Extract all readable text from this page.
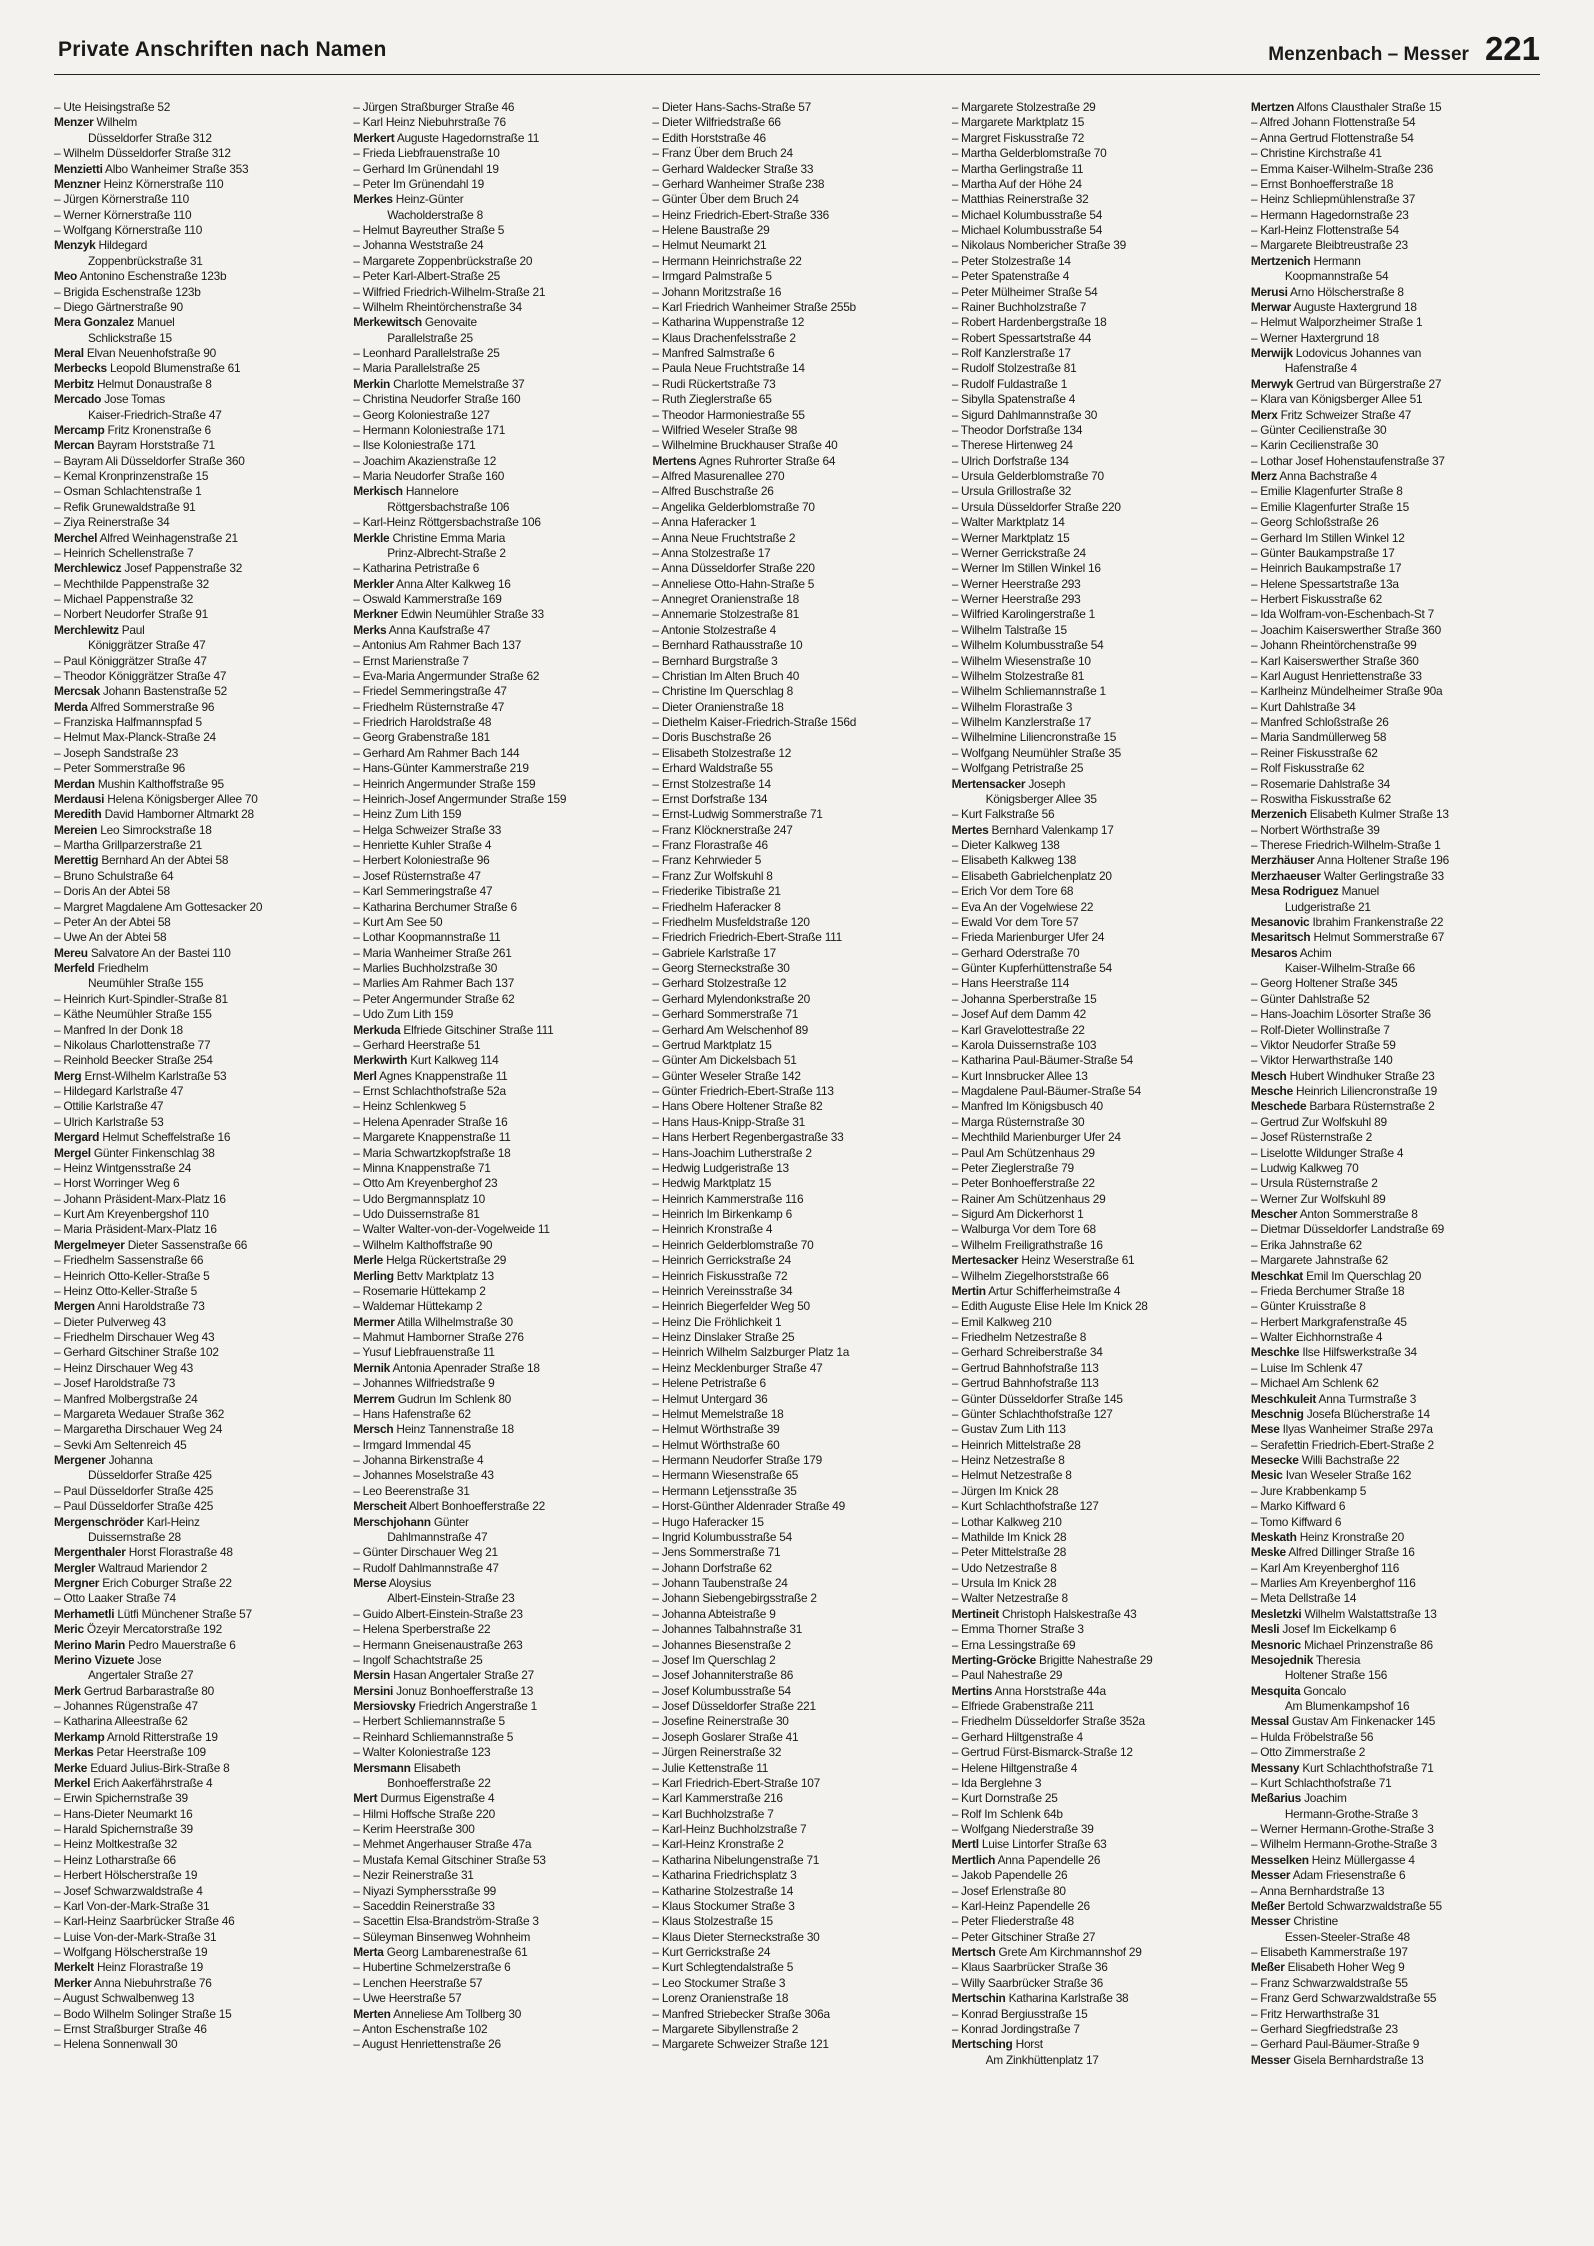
Private Anschriften nach Namen	Menzenbach – Messer 221
– Ute Heisingstraße 52
Menzer Wilhelm
Düsseldorfer Straße 312
– Wilhelm Düsseldorfer Straße 312
Menzietti Albo Wanheimer Straße 353
Menzner Heinz Körnerstraße 110
– Jürgen Körnerstraße 110
– Werner Körnerstraße 110
– Wolfgang Körnerstraße 110
Menzyk Hildegard
Zoppenbrückstraße 31
Meo Antonino Eschenstraße 123b
– Brigida Eschenstraße 123b
– Diego Gärtnerstraße 90
Mera Gonzalez Manuel
Schlickstraße 15
Meral Elvan Neuenhofstraße 90
Merbecks Leopold Blumenstraße 61
Merbitz Helmut Donaustraße 8
Mercado Jose Tomas
Kaiser-Friedrich-Straße 47
Mercamp Fritz Kronenstraße 6
Mercan Bayram Horststraße 71
– Bayram Ali Düsseldorfer Straße 360
– Kemal Kronprinzenstraße 15
– Osman Schlachtenstraße 1
– Refik Grunewaldstraße 91
– Ziya Reinerstraße 34
Merchel Alfred Weinhagenstraße 21
– Heinrich Schellenstraße 7
Merchlewicz Josef Pappenstraße 32
– Mechthilde Pappenstraße 32
– Michael Pappenstraße 32
– Norbert Neudorfer Straße 91
Merchlewitz Paul
Königgrätzer Straße 47
– Paul Königgrätzer Straße 47
– Theodor Königgrätzer Straße 47
Mercsak Johann Bastenstraße 52
Merda Alfred Sommerstraße 96
– Franziska Halfmannspfad 5
– Helmut Max-Planck-Straße 24
– Joseph Sandstraße 23
– Peter Sommerstraße 96
Merdan Mushin Kalthoffstraße 95
Merdausi Helena Königsberger Allee 70
Meredith David Hamborner Altmarkt 28
Mereien Leo Simrockstraße 18
– Martha Grillparzerstraße 21
Merettig Bernhard An der Abtei 58
– Bruno Schulstraße 64
– Doris An der Abtei 58
– Margret Magdalene Am Gottesacker 20
– Peter An der Abtei 58
– Uwe An der Abtei 58
Mereu Salvatore An der Bastei 110
Merfeld Friedhelm
Neumühler Straße 155
– Heinrich Kurt-Spindler-Straße 81
– Käthe Neumühler Straße 155
– Manfred In der Donk 18
– Nikolaus Charlottenstraße 77
– Reinhold Beecker Straße 254
Merg Ernst-Wilhelm Karlstraße 53
– Hildegard Karlstraße 47
– Ottilie Karlstraße 47
– Ulrich Karlstraße 53
Mergard Helmut Scheffelstraße 16
Mergel Günter Finkenschlag 38
– Heinz Wintgensstraße 24
– Horst Worringer Weg 6
– Johann Präsident-Marx-Platz 16
– Kurt Am Kreyenbergshof 110
– Maria Präsident-Marx-Platz 16
Mergelmeyer Dieter Sassenstraße 66
– Friedhelm Sassenstraße 66
– Heinrich Otto-Keller-Straße 5
– Heinz Otto-Keller-Straße 5
Mergen Anni Haroldstraße 73
– Dieter Pulverweg 43
– Friedhelm Dirschauer Weg 43
– Gerhard Gitschiner Straße 102
– Heinz Dirschauer Weg 43
– Josef Haroldstraße 73
– Manfred Molbergstraße 24
– Margareta Wedauer Straße 362
– Margaretha Dirschauer Weg 24
– Sevki Am Seltenreich 45
Mergener Johanna
Düsseldorfer Straße 425
– Paul Düsseldorfer Straße 425
– Paul Düsseldorfer Straße 425
Mergenschröder Karl-Heinz
Duissernstraße 28
Mergenthaler Horst Florastraße 48
Mergler Waltraud Mariendor 2
Mergner Erich Coburger Straße 22
– Otto Laaker Straße 74
Merhametli Lütfi Münchener Straße 57
Meric Özeyir Mercatorstraße 192
Merino Marin Pedro Mauerstraße 6
Merino Vizuete Jose
Angertaler Straße 27
Merk Gertrud Barbarastraße 80
– Johannes Rügenstraße 47
– Katharina Alleestraße 62
Merkamp Arnold Ritterstraße 19
Merkas Petar Heerstraße 109
Merke Eduard Julius-Birk-Straße 8
Merkel Erich Aakerfährstraße 4
– Erwin Spichernstraße 39
– Hans-Dieter Neumarkt 16
– Harald Spichernstraße 39
– Heinz Moltkestraße 32
– Heinz Lotharstraße 66
– Herbert Hölscherstraße 19
– Josef Schwarzwaldstraße 4
– Karl Von-der-Mark-Straße 31
– Karl-Heinz Saarbrücker Straße 46
– Luise Von-der-Mark-Straße 31
– Wolfgang Hölscherstraße 19
Merkelt Heinz Florastraße 19
Merker Anna Niebuhrstraße 76
– August Schwalbenweg 13
– Bodo Wilhelm Solinger Straße 15
– Ernst Straßburger Straße 46
– Helena Sonnenwall 30
– Jürgen Straßburger Straße 46
– Karl Heinz Niebuhrstraße 76
Merkert Auguste Hagedornstraße 11
– Frieda Liebfrauenstraße 10
– Gerhard Im Grünendahl 19
– Peter Im Grünendahl 19
Merkes Heinz-Günter
Wacholderstraße 8
– Helmut Bayreuther Straße 5
– Johanna Weststraße 24
– Margarete Zoppenbrückstraße 20
– Peter Karl-Albert-Straße 25
– Wilfried Friedrich-Wilhelm-Straße 21
– Wilhelm Rheintörchenstraße 34
Merkewitsch Genovaite
Parallelstraße 25
– Leonhard Parallelstraße 25
– Maria Parallelstraße 25
Merkin Charlotte Memelstraße 37
– Christina Neudorfer Straße 160
– Georg Koloniestraße 127
– Hermann Koloniestraße 171
– Ilse Koloniestraße 171
– Joachim Akazienstraße 12
– Maria Neudorfer Straße 160
Merkisch Hannelore
Röttgersbachstraße 106
– Karl-Heinz Röttgersbachstraße 106
Merkle Christine Emma Maria
Prinz-Albrecht-Straße 2
– Katharina Petristraße 6
Merkler Anna Alter Kalkweg 16
– Oswald Kammerstraße 169
Merkner Edwin Neumühler Straße 33
Merks Anna Kaufstraße 47
– Antonius Am Rahmer Bach 137
– Ernst Marienstraße 7
– Eva-Maria Angermunder Straße 62
– Friedel Semmeringstraße 47
– Friedhelm Rüsternstraße 47
– Friedrich Haroldstraße 48
– Georg Grabenstraße 181
– Gerhard Am Rahmer Bach 144
– Hans-Günter Kammerstraße 219
– Heinrich Angermunder Straße 159
– Heinrich-Josef Angermunder Straße 159
– Heinz Zum Lith 159
– Helga Schweizer Straße 33
– Henriette Kuhler Straße 4
– Herbert Koloniestraße 96
– Josef Rüsternstraße 47
– Karl Semmeringstraße 47
– Katharina Berchumer Straße 6
– Kurt Am See 50
– Lothar Koopmannstraße 11
– Maria Wanheimer Straße 261
– Marlies Buchholzstraße 30
– Marlies Am Rahmer Bach 137
– Peter Angermunder Straße 62
– Udo Zum Lith 159
Merkuda Elfriede Gitschiner Straße 111
– Gerhard Heerstraße 51
Merkwirth Kurt Kalkweg 114
Merl Agnes Knappenstraße 11
– Ernst Schlachthofstraße 52a
– Heinz Schlenkweg 5
– Helena Apenrader Straße 16
– Margarete Knappenstraße 11
– Maria Schwartzkopfstraße 18
– Minna Knappenstraße 71
– Otto Am Kreyenberghof 23
– Udo Bergmannsplatz 10
– Udo Duissernstraße 81
– Walter Walter-von-der-Vogelweide 11
– Wilhelm Kalthoffstraße 90
Merle Helga Rückertstraße 29
Merling Bettv Marktplatz 13
– Rosemarie Hüttekamp 2
– Waldemar Hüttekamp 2
Mermer Atilla Wilhelmstraße 30
– Mahmut Hamborner Straße 276
– Yusuf Liebfrauenstraße 11
Mernik Antonia Apenrader Straße 18
– Johannes Wilfriedstraße 9
Merrem Gudrun Im Schlenk 80
– Hans Hafenstraße 62
Mersch Heinz Tannenstraße 18
– Irmgard Immendal 45
– Johanna Birkenstraße 4
– Johannes Moselstraße 43
– Leo Beerenstraße 31
Merscheit Albert Bonhoefferstraße 22
Merschjohann Günter
Dahlmannstraße 47
– Günter Dirschauer Weg 21
– Rudolf Dahlmannstraße 47
Merse Aloysius
Albert-Einstein-Straße 23
– Guido Albert-Einstein-Straße 23
– Helena Sperberstraße 22
– Hermann Gneisenaustraße 263
– Ingolf Schachtstraße 25
Mersin Hasan Angertaler Straße 27
Mersini Jonuz Bonhoefferstraße 13
Mersiovsky Friedrich Angerstraße 1
– Herbert Schliemannstraße 5
– Reinhard Schliemannstraße 5
– Walter Koloniestraße 123
Mersmann Elisabeth
Bonhoefferstraße 22
Mert Durmus Eigenstraße 4
– Hilmi Hoffsche Straße 220
– Kerim Heerstraße 300
– Mehmet Angerhauser Straße 47a
– Mustafa Kemal Gitschiner Straße 53
– Nezir Reinerstraße 31
– Niyazi Symphersstraße 99
– Saceddin Reinerstraße 33
– Sacettin Elsa-Brandström-Straße 3
– Süleyman Binsenweg Wohnheim
Merta Georg Lambarenestraße 61
– Hubertine Schmelzerstraße 6
– Lenchen Heerstraße 57
– Uwe Heerstraße 57
Merten Anneliese Am Tollberg 30
– Anton Eschenstraße 102
– August Henriettenstraße 26
– Dieter Hans-Sachs-Straße 57
– Dieter Wilfriedstraße 66
– Edith Horststraße 46
– Franz Über dem Bruch 24
– Gerhard Waldecker Straße 33
– Gerhard Wanheimer Straße 238
– Günter Über dem Bruch 24
– Heinz Friedrich-Ebert-Straße 336
– Helene Baustraße 29
– Helmut Neumarkt 21
– Hermann Heinrichstraße 22
– Irmgard Palmstraße 5
– Johann Moritzstraße 16
– Karl Friedrich Wanheimer Straße 255b
– Katharina Wuppenstraße 12
– Klaus Drachenfelsstraße 2
– Manfred Salmstraße 6
– Paula Neue Fruchtstraße 14
– Rudi Rückertstraße 73
– Ruth Zieglerstraße 65
– Theodor Harmoniestraße 55
– Wilfried Weseler Straße 98
– Wilhelmine Bruckhauser Straße 40
Mertens Agnes Ruhrorter Straße 64
– Alfred Masurenallee 270
– Alfred Buschstraße 26
– Angelika Gelderblomstraße 70
– Anna Haferacker 1
– Anna Neue Fruchtstraße 2
– Anna Stolzestraße 17
– Anna Düsseldorfer Straße 220
– Anneliese Otto-Hahn-Straße 5
– Annegret Oranienstraße 18
– Annemarie Stolzestraße 81
– Antonie Stolzestraße 4
– Bernhard Rathausstraße 10
– Bernhard Burgstraße 3
– Christian Im Alten Bruch 40
– Christine Im Querschlag 8
– Dieter Oranienstraße 18
– Diethelm Kaiser-Friedrich-Straße 156d
– Doris Buschstraße 26
– Elisabeth Stolzestraße 12
– Erhard Waldstraße 55
– Ernst Stolzestraße 14
– Ernst Dorfstraße 134
– Ernst-Ludwig Sommerstraße 71
– Franz Klöcknerstraße 247
– Franz Florastraße 46
– Franz Kehrwieder 5
– Franz Zur Wolfskuhl 8
– Friederike Tibistraße 21
– Friedhelm Haferacker 8
– Friedhelm Musfeldstraße 120
– Friedrich Friedrich-Ebert-Straße 111
– Gabriele Karlstraße 17
– Georg Sterneckstraße 30
– Gerhard Stolzestraße 12
– Gerhard Mylendonkstraße 20
– Gerhard Sommerstraße 71
– Gerhard Am Welschenhof 89
– Gertrud Marktplatz 15
– Günter Am Dickelsbach 51
– Günter Weseler Straße 142
– Günter Friedrich-Ebert-Straße 113
– Hans Obere Holtener Straße 82
– Hans Haus-Knipp-Straße 31
– Hans Herbert Regenbergastraße 33
– Hans-Joachim Lutherstraße 2
– Hedwig Ludgeristraße 13
– Hedwig Marktplatz 15
– Heinrich Kammerstraße 116
– Heinrich Im Birkenkamp 6
– Heinrich Kronstraße 4
– Heinrich Gelderblomstraße 70
– Heinrich Gerrickstraße 24
– Heinrich Fiskusstraße 72
– Heinrich Vereinsstraße 34
– Heinrich Biegerfelder Weg 50
– Heinz Die Fröhlichkeit 1
– Heinz Dinslaker Straße 25
– Heinrich Wilhelm Salzburger Platz 1a
– Heinz Mecklenburger Straße 47
– Helene Petristraße 6
– Helmut Untergard 36
– Helmut Memelstraße 18
– Helmut Wörthstraße 39
– Helmut Wörthstraße 60
– Hermann Neudorfer Straße 179
– Hermann Wiesenstraße 65
– Hermann Letjensstraße 35
– Horst-Günther Aldenrader Straße 49
– Hugo Haferacker 15
– Ingrid Kolumbusstraße 54
– Jens Sommerstraße 71
– Johann Dorfstraße 62
– Johann Taubenstraße 24
– Johann Siebengebirgsstraße 2
– Johanna Abteistraße 9
– Johannes Talbahnstraße 31
– Johannes Biesenstraße 2
– Josef Im Querschlag 2
– Josef Johanniterstraße 86
– Josef Kolumbusstraße 54
– Josef Düsseldorfer Straße 221
– Josefine Reinerstraße 30
– Joseph Goslarer Straße 41
– Jürgen Reinerstraße 32
– Julie Kettenstraße 11
– Karl Friedrich-Ebert-Straße 107
– Karl Kammerstraße 216
– Karl Buchholzstraße 7
– Karl-Heinz Buchholzstraße 7
– Karl-Heinz Kronstraße 2
– Katharina Nibelungenstraße 71
– Katharina Friedrichsplatz 3
– Katharine Stolzestraße 14
– Klaus Stockumer Straße 3
– Klaus Stolzestraße 15
– Klaus Dieter Sterneckstraße 30
– Kurt Gerrickstraße 24
– Kurt Schlegtendalstraße 5
– Leo Stockumer Straße 3
– Lorenz Oranienstraße 18
– Manfred Striebecker Straße 306a
– Margarete Sibyllenstraße 2
– Margarete Schweizer Straße 121
– Margarete Stolzestraße 29
– Margarete Marktplatz 15
– Margret Fiskusstraße 72
– Martha Gelderblomstraße 70
– Martha Gerlingstraße 11
– Martha Auf der Höhe 24
– Matthias Reinerstraße 32
– Michael Kolumbusstraße 54
– Michael Kolumbusstraße 54
– Nikolaus Nombericher Straße 39
– Peter Stolzestraße 14
– Peter Spatenstraße 4
– Peter Mülheimer Straße 54
– Rainer Buchholzstraße 7
– Robert Hardenbergstraße 18
– Robert Spessartstraße 44
– Rolf Kanzlerstraße 17
– Rudolf Stolzestraße 81
– Rudolf Fuldastraße 1
– Sibylla Spatenstraße 4
– Sigurd Dahlmannstraße 30
– Theodor Dorfstraße 134
– Therese Hirtenweg 24
– Ulrich Dorfstraße 134
– Ursula Gelderblomstraße 70
– Ursula Grillostraße 32
– Ursula Düsseldorfer Straße 220
– Walter Marktplatz 14
– Werner Marktplatz 15
– Werner Gerrickstraße 24
– Werner Im Stillen Winkel 16
– Werner Heerstraße 293
– Werner Heerstraße 293
– Wilfried Karolingerstraße 1
– Wilhelm Talstraße 15
– Wilhelm Kolumbusstraße 54
– Wilhelm Wiesenstraße 10
– Wilhelm Stolzestraße 81
– Wilhelm Schliemannstraße 1
– Wilhelm Florastraße 3
– Wilhelm Kanzlerstraße 17
– Wilhelmine Liliencronstraße 15
– Wolfgang Neumühler Straße 35
– Wolfgang Petristraße 25
Mertensacker Joseph
Königsberger Allee 35
– Kurt Falkstraße 56
Mertes Bernhard Valenkamp 17
– Dieter Kalkweg 138
– Elisabeth Kalkweg 138
– Elisabeth Gabrielchenplatz 20
– Erich Vor dem Tore 68
– Eva An der Vogelwiese 22
– Ewald Vor dem Tore 57
– Frieda Marienburger Ufer 24
– Gerhard Oderstraße 70
– Günter Kupferhüttenstraße 54
– Hans Heerstraße 114
– Johanna Sperberstraße 15
– Josef Auf dem Damm 42
– Karl Gravelottestraße 22
– Karola Duissernstraße 103
– Katharina Paul-Bäumer-Straße 54
– Kurt Innsbrucker Allee 13
– Magdalene Paul-Bäumer-Straße 54
– Manfred Im Königsbusch 40
– Marga Rüsternstraße 30
– Mechthild Marienburger Ufer 24
– Paul Am Schützenhaus 29
– Peter Zieglerstraße 79
– Peter Bonhoefferstraße 22
– Rainer Am Schützenhaus 29
– Sigurd Am Dickerhorst 1
– Walburga Vor dem Tore 68
– Wilhelm Freiligrathstraße 16
Mertesacker Heinz Weserstraße 61
– Wilhelm Ziegelhorststraße 66
Mertin Artur Schifferheimstraße 4
– Edith Auguste Elise Hele Im Knick 28
– Emil Kalkweg 210
– Friedhelm Netzestraße 8
– Gerhard Schreiberstraße 34
– Gertrud Bahnhofstraße 113
– Gertrud Bahnhofstraße 113
– Günter Düsseldorfer Straße 145
– Günter Schlachthofstraße 127
– Gustav Zum Lith 113
– Heinrich Mittelstraße 28
– Heinz Netzestraße 8
– Helmut Netzestraße 8
– Jürgen Im Knick 28
– Kurt Schlachthofstraße 127
– Lothar Kalkweg 210
– Mathilde Im Knick 28
– Peter Mittelstraße 28
– Udo Netzestraße 8
– Ursula Im Knick 28
– Walter Netzestraße 8
Mertineit Christoph Halskestraße 43
– Emma Thorner Straße 3
– Erna Lessingstraße 69
Merting-Gröcke Brigitte Nahestraße 29
– Paul Nahestraße 29
Mertins Anna Horststraße 44a
– Elfriede Grabenstraße 211
– Friedhelm Düsseldorfer Straße 352a
– Gerhard Hiltgenstraße 4
– Gertrud Fürst-Bismarck-Straße 12
– Helene Hiltgenstraße 4
– Ida Berglehne 3
– Kurt Dornstraße 25
– Rolf Im Schlenk 64b
– Wolfgang Niederstraße 39
Mertl Luise Lintorfer Straße 63
Mertlich Anna Papendelle 26
– Jakob Papendelle 26
– Josef Erlenstraße 80
– Karl-Heinz Papendelle 26
– Peter Fliederstraße 48
– Peter Gitschiner Straße 27
Mertsch Grete Am Kirchmannshof 29
– Klaus Saarbrücker Straße 36
– Willy Saarbrücker Straße 36
Mertschin Katharina Karlstraße 38
– Konrad Bergiusstraße 15
– Konrad Jordingstraße 7
Mertsching Horst
Am Zinkhüttenplatz 17
Mertzen Alfons Clausthaler Straße 15
– Alfred Johann Flottenstraße 54
– Anna Gertrud Flottenstraße 54
– Christine Kirchstraße 41
– Emma Kaiser-Wilhelm-Straße 236
– Ernst Bonhoefferstraße 18
– Heinz Schliepmühlenstraße 37
– Hermann Hagedornstraße 23
– Karl-Heinz Flottenstraße 54
– Margarete Bleibtreustraße 23
Mertzenich Hermann
Koopmannstraße 54
Merusi Arno Hölscherstraße 8
Merwar Auguste Haxtergrund 18
– Helmut Walporzheimer Straße 1
– Werner Haxtergrund 18
Merwijk Lodovicus Johannes van
Hafenstraße 4
Merwyk Gertrud van Bürgerstraße 27
– Klara van Königsberger Allee 51
Merx Fritz Schweizer Straße 47
– Günter Cecilienstraße 30
– Karin Cecilienstraße 30
– Lothar Josef Hohenstaufenstraße 37
Merz Anna Bachstraße 4
– Emilie Klagenfurter Straße 8
– Emilie Klagenfurter Straße 15
– Georg Schloßstraße 26
– Gerhard Im Stillen Winkel 12
– Günter Baukampstraße 17
– Heinrich Baukampstraße 17
– Helene Spessartstraße 13a
– Herbert Fiskusstraße 62
– Ida Wolfram-von-Eschenbach-St 7
– Joachim Kaiserswerther Straße 360
– Johann Rheintörchenstraße 99
– Karl Kaiserswerther Straße 360
– Karl August Henriettenstraße 33
– Karlheinz Mündelheimer Straße 90a
– Kurt Dahlstraße 34
– Manfred Schloßstraße 26
– Maria Sandmüllerweg 58
– Reiner Fiskusstraße 62
– Rolf Fiskusstraße 62
– Rosemarie Dahlstraße 34
– Roswitha Fiskusstraße 62
Merzenich Elisabeth Kulmer Straße 13
– Norbert Wörthstraße 39
– Therese Friedrich-Wilhelm-Straße 1
Merzhäuser Anna Holtener Straße 196
Merzhaeuser Walter Gerlingstraße 33
Mesa Rodriguez Manuel
Ludgeristraße 21
Mesanovic Ibrahim Frankenstraße 22
Mesaritsch Helmut Sommerstraße 67
Mesaros Achim
Kaiser-Wilhelm-Straße 66
– Georg Holtener Straße 345
– Günter Dahlstraße 52
– Hans-Joachim Lösorter Straße 36
– Rolf-Dieter Wollinstraße 7
– Viktor Neudorfer Straße 59
– Viktor Herwarthstraße 140
Mesch Hubert Windhuker Straße 23
Mesche Heinrich Liliencronstraße 19
Meschede Barbara Rüsternstraße 2
– Gertrud Zur Wolfskuhl 89
– Josef Rüsternstraße 2
– Liselotte Wildunger Straße 4
– Ludwig Kalkweg 70
– Ursula Rüsternstraße 2
– Werner Zur Wolfskuhl 89
Mescher Anton Sommerstraße 8
– Dietmar Düsseldorfer Landstraße 69
– Erika Jahnstraße 62
– Margarete Jahnstraße 62
Meschkat Emil Im Querschlag 20
– Frieda Berchumer Straße 18
– Günter Kruisstraße 8
– Herbert Markgrafenstraße 45
– Walter Eichhornstraße 4
Meschke Ilse Hilfswerkstraße 34
– Luise Im Schlenk 47
– Michael Am Schlenk 62
Meschkuleit Anna Turmstraße 3
Meschnig Josefa Blücherstraße 14
Mese Ilyas Wanheimer Straße 297a
– Serafettin Friedrich-Ebert-Straße 2
Mesecke Willi Bachstraße 22
Mesic Ivan Weseler Straße 162
– Jure Krabbenkamp 5
– Marko Kiffward 6
– Tomo Kiffward 6
Meskath Heinz Kronstraße 20
Meske Alfred Dillinger Straße 16
– Karl Am Kreyenberghof 116
– Marlies Am Kreyenberghof 116
– Meta Dellstraße 14
Mesletzki Wilhelm Walstattstraße 13
Mesli Josef Im Eickelkamp 6
Mesnoric Michael Prinzenstraße 86
Mesojednik Theresia
Holtener Straße 156
Mesquita Goncalo
Am Blumenkampshof 16
Messal Gustav Am Finkenacker 145
– Hulda Fröbelstraße 56
– Otto Zimmerstraße 2
Messany Kurt Schlachthofstraße 71
– Kurt Schlachthofstraße 71
Meßarius Joachim
Hermann-Grothe-Straße 3
– Werner Hermann-Grothe-Straße 3
– Wilhelm Hermann-Grothe-Straße 3
Messelken Heinz Müllergasse 4
Messer Adam Friesenstraße 6
– Anna Bernhardstraße 13
Meßer Bertold Schwarzwaldstraße 55
Messer Christine
Essen-Steeler-Straße 48
– Elisabeth Kammerstraße 197
Meßer Elisabeth Hoher Weg 9
– Franz Schwarzwaldstraße 55
– Franz Gerd Schwarzwaldstraße 55
– Fritz Herwarthstraße 31
– Gerhard Siegfriedstraße 23
– Gerhard Paul-Bäumer-Straße 9
Messer Gisela Bernhardstraße 13
